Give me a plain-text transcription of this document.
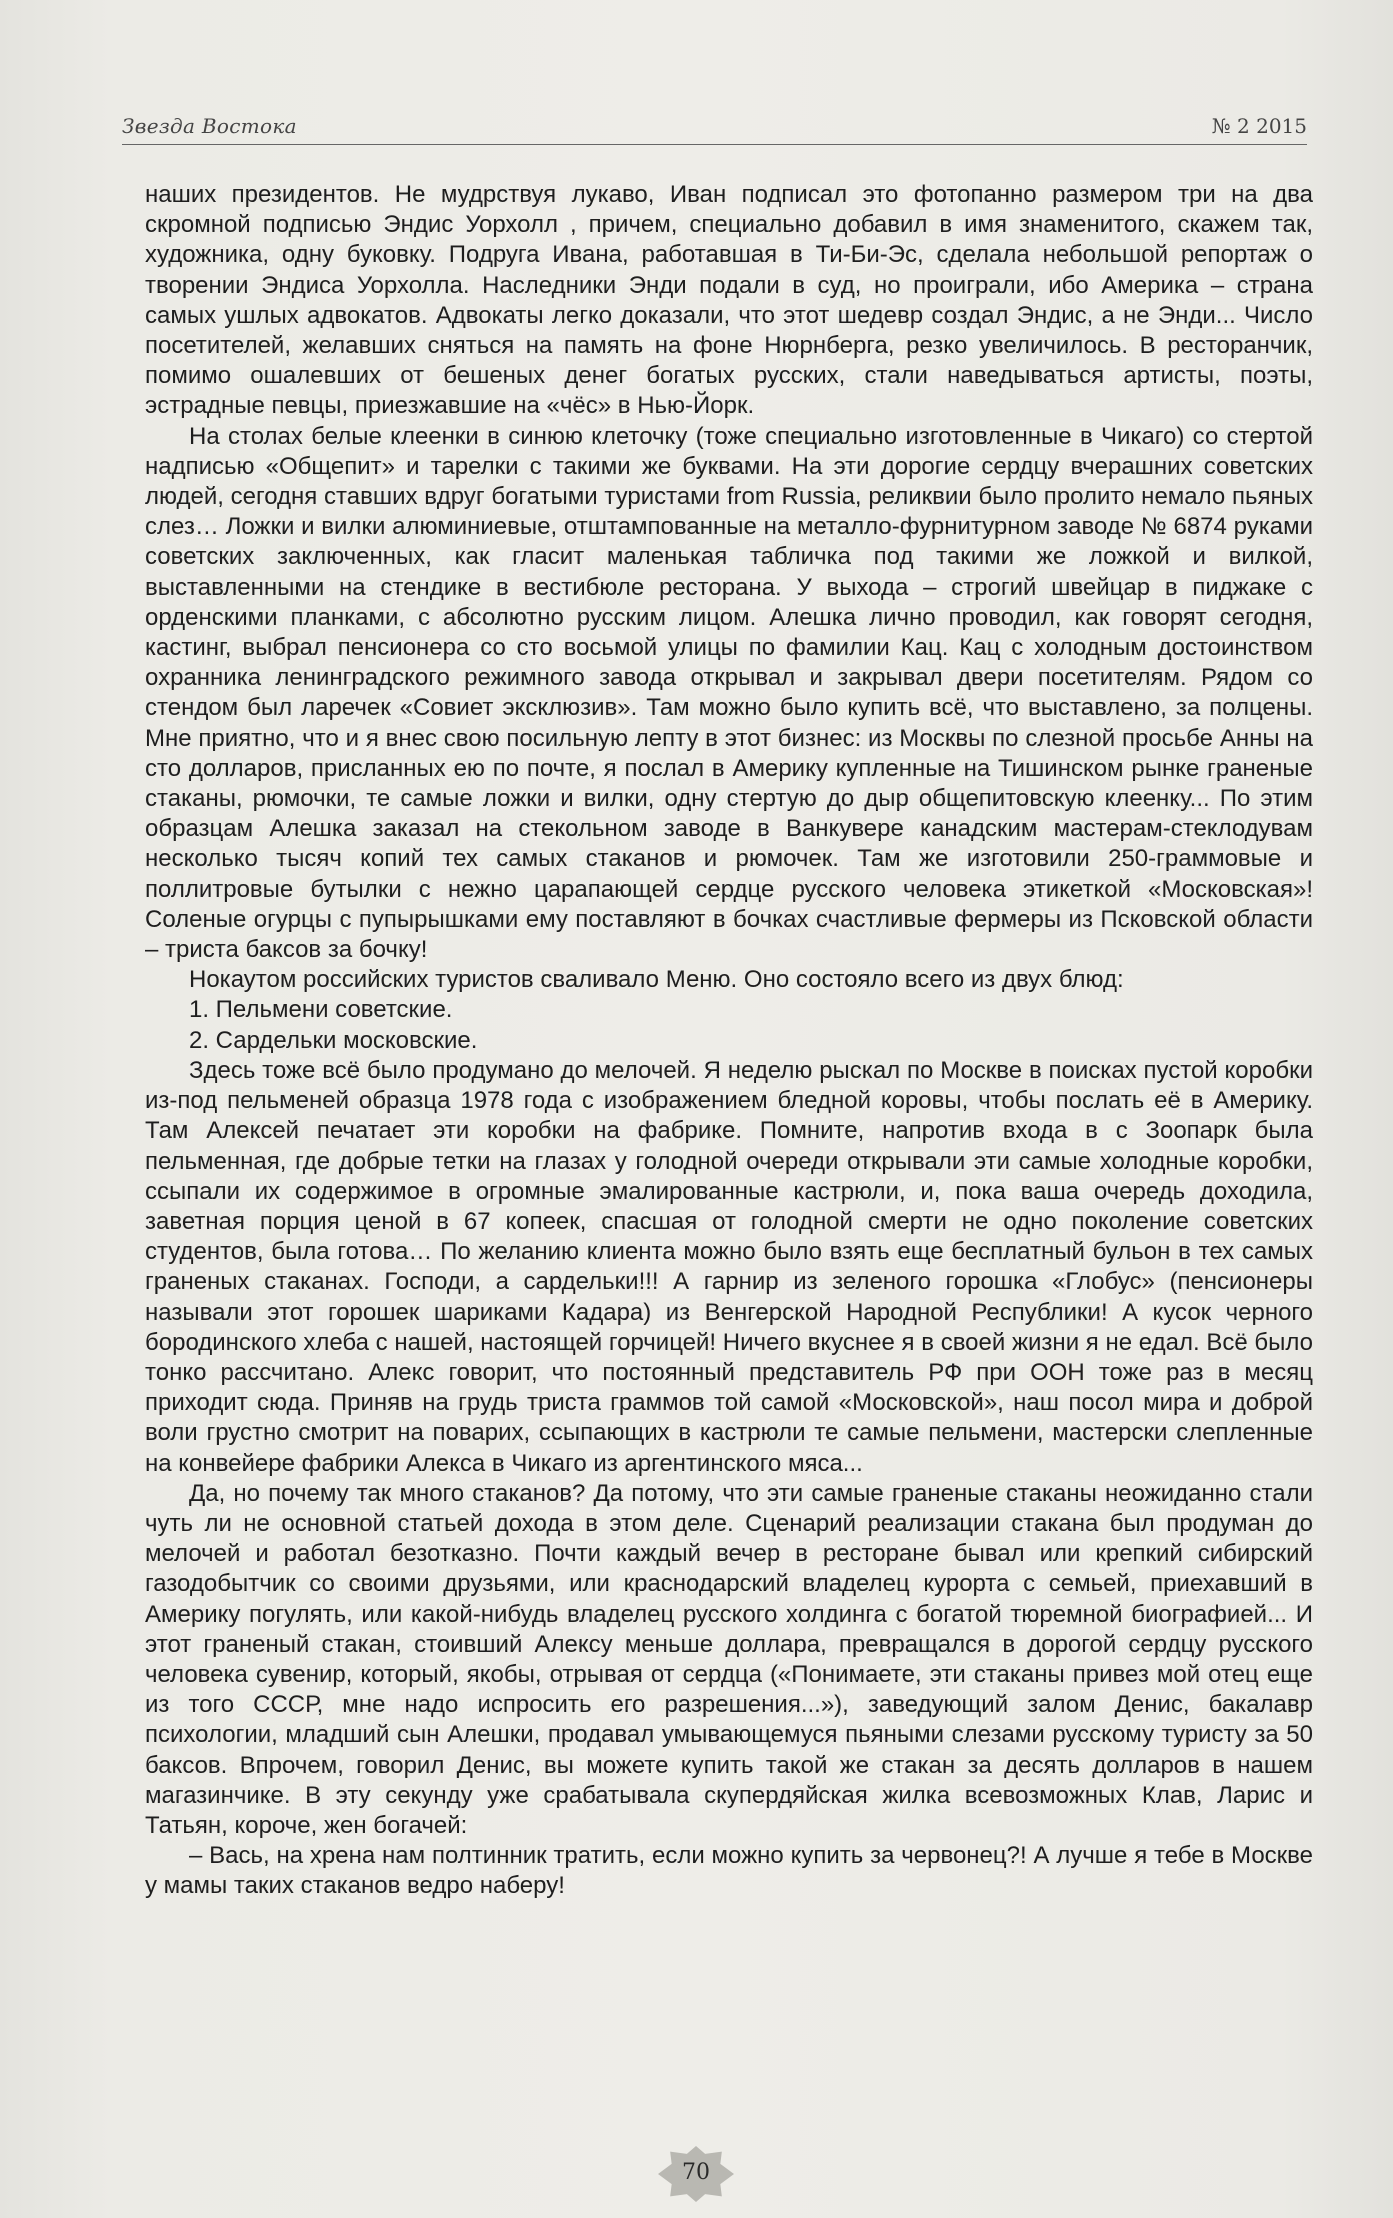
Звезда Востока	№ 2 2015

наших президентов. Не мудрствуя лукаво, Иван подписал это фотопанно размером три на два скромной подписью Эндис Уорхолл , причем, специально добавил в имя знаменитого, скажем так, художника, одну буковку. Подруга Ивана, работавшая в Ти-Би-Эс, сделала небольшой репортаж о творении Эндиса Уорхолла. Наследники Энди подали в суд, но проиграли, ибо Америка – страна самых ушлых адвокатов. Адвокаты легко доказали, что этот шедевр создал Эндис, а не Энди... Число посетителей, желавших сняться на память на фоне Нюрнберга, резко увеличилось. В ресторанчик, помимо ошалевших от бешеных денег богатых русских, стали наведываться артисты, поэты, эстрадные певцы, приезжавшие на «чёс» в Нью-Йорк.

На столах белые клеенки в синюю клеточку (тоже специально изготовленные в Чикаго) со стертой надписью «Общепит» и тарелки с такими же буквами. На эти дорогие сердцу вчерашних советских людей, сегодня ставших вдруг богатыми туристами from Russia, реликвии было пролито немало пьяных слез… Ложки и вилки алюминиевые, отштампованные на металло-фурнитурном заводе № 6874 руками советских заключенных, как гласит маленькая табличка под такими же ложкой и вилкой, выставленными на стендике в вестибюле ресторана. У выхода – строгий швейцар в пиджаке с орденскими планками, с абсолютно русским лицом. Алешка лично проводил, как говорят сегодня, кастинг, выбрал пенсионера со сто восьмой улицы по фамилии Кац. Кац с холодным достоинством охранника ленинградского режимного завода открывал и закрывал двери посетителям. Рядом со стендом был ларечек «Совиет эксклюзив». Там можно было купить всё, что выставлено, за полцены. Мне приятно, что и я внес свою посильную лепту в этот бизнес: из Москвы по слезной просьбе Анны на сто долларов, присланных ею по почте, я послал в Америку купленные на Тишинском рынке граненые стаканы, рюмочки, те самые ложки и вилки, одну стертую до дыр общепитовскую клеенку... По этим образцам Алешка заказал на стекольном заводе в Ванкувере канадским мастерам-стеклодувам несколько тысяч копий тех самых стаканов и рюмочек. Там же изготовили 250-граммовые и поллитровые бутылки с нежно царапающей сердце русского человека этикеткой «Московская»! Соленые огурцы с пупырышками ему поставляют в бочках счастливые фермеры из Псковской области – триста баксов за бочку!

Нокаутом российских туристов сваливало Меню. Оно состояло всего из двух блюд:

1. Пельмени советские.

2. Сардельки московские.

Здесь тоже всё было продумано до мелочей. Я неделю рыскал по Москве в поисках пустой коробки из-под пельменей образца 1978 года с изображением бледной коровы, чтобы послать её в Америку. Там Алексей печатает эти коробки на фабрике. Помните, напротив входа в с Зоопарк была пельменная, где добрые тетки на глазах у голодной очереди открывали эти самые холодные коробки, ссыпали их содержимое в огромные эмалированные кастрюли, и, пока ваша очередь доходила, заветная порция ценой в 67 копеек, спасшая от голодной смерти не одно поколение советских студентов, была готова… По желанию клиента можно было взять еще бесплатный бульон в тех самых граненых стаканах. Господи, а сардельки!!! А гарнир из зеленого горошка «Глобус» (пенсионеры называли этот горошек шариками Кадара) из Венгерской Народной Республики! А кусок черного бородинского хлеба с нашей, настоящей горчицей! Ничего вкуснее я в своей жизни я не едал. Всё было тонко рассчитано. Алекс говорит, что постоянный представитель РФ при ООН тоже раз в месяц приходит сюда. Приняв на грудь триста граммов той самой «Московской», наш посол мира и доброй воли грустно смотрит на поварих, ссыпающих в кастрюли те самые пельмени, мастерски слепленные на конвейере фабрики Алекса в Чикаго из аргентинского мяса...

Да, но почему так много стаканов? Да потому, что эти самые граненые стаканы неожиданно стали чуть ли не основной статьей дохода в этом деле. Сценарий реализации стакана был продуман до мелочей и работал безотказно. Почти каждый вечер в ресторане бывал или крепкий сибирский газодобытчик со своими друзьями, или краснодарский владелец курорта с семьей, приехавший в Америку погулять, или какой-нибудь владелец русского холдинга с богатой тюремной биографией... И этот граненый стакан, стоивший Алексу меньше доллара, превращался в дорогой сердцу русского человека сувенир, который, якобы, отрывая от сердца («Понимаете, эти стаканы привез мой отец еще из того СССР, мне надо испросить его разрешения...»), заведующий залом Денис, бакалавр психологии, младший сын Алешки, продавал умывающемуся пьяными слезами русскому туристу за 50 баксов. Впрочем, говорил Денис, вы можете купить такой же стакан за десять долларов в нашем магазинчике. В эту секунду уже срабатывала скупердяйская жилка всевозможных Клав, Ларис и Татьян, короче, жен богачей:

– Вась, на хрена нам полтинник тратить, если можно купить за червонец?! А лучше я тебе в Москве у мамы таких стаканов ведро наберу!

70
